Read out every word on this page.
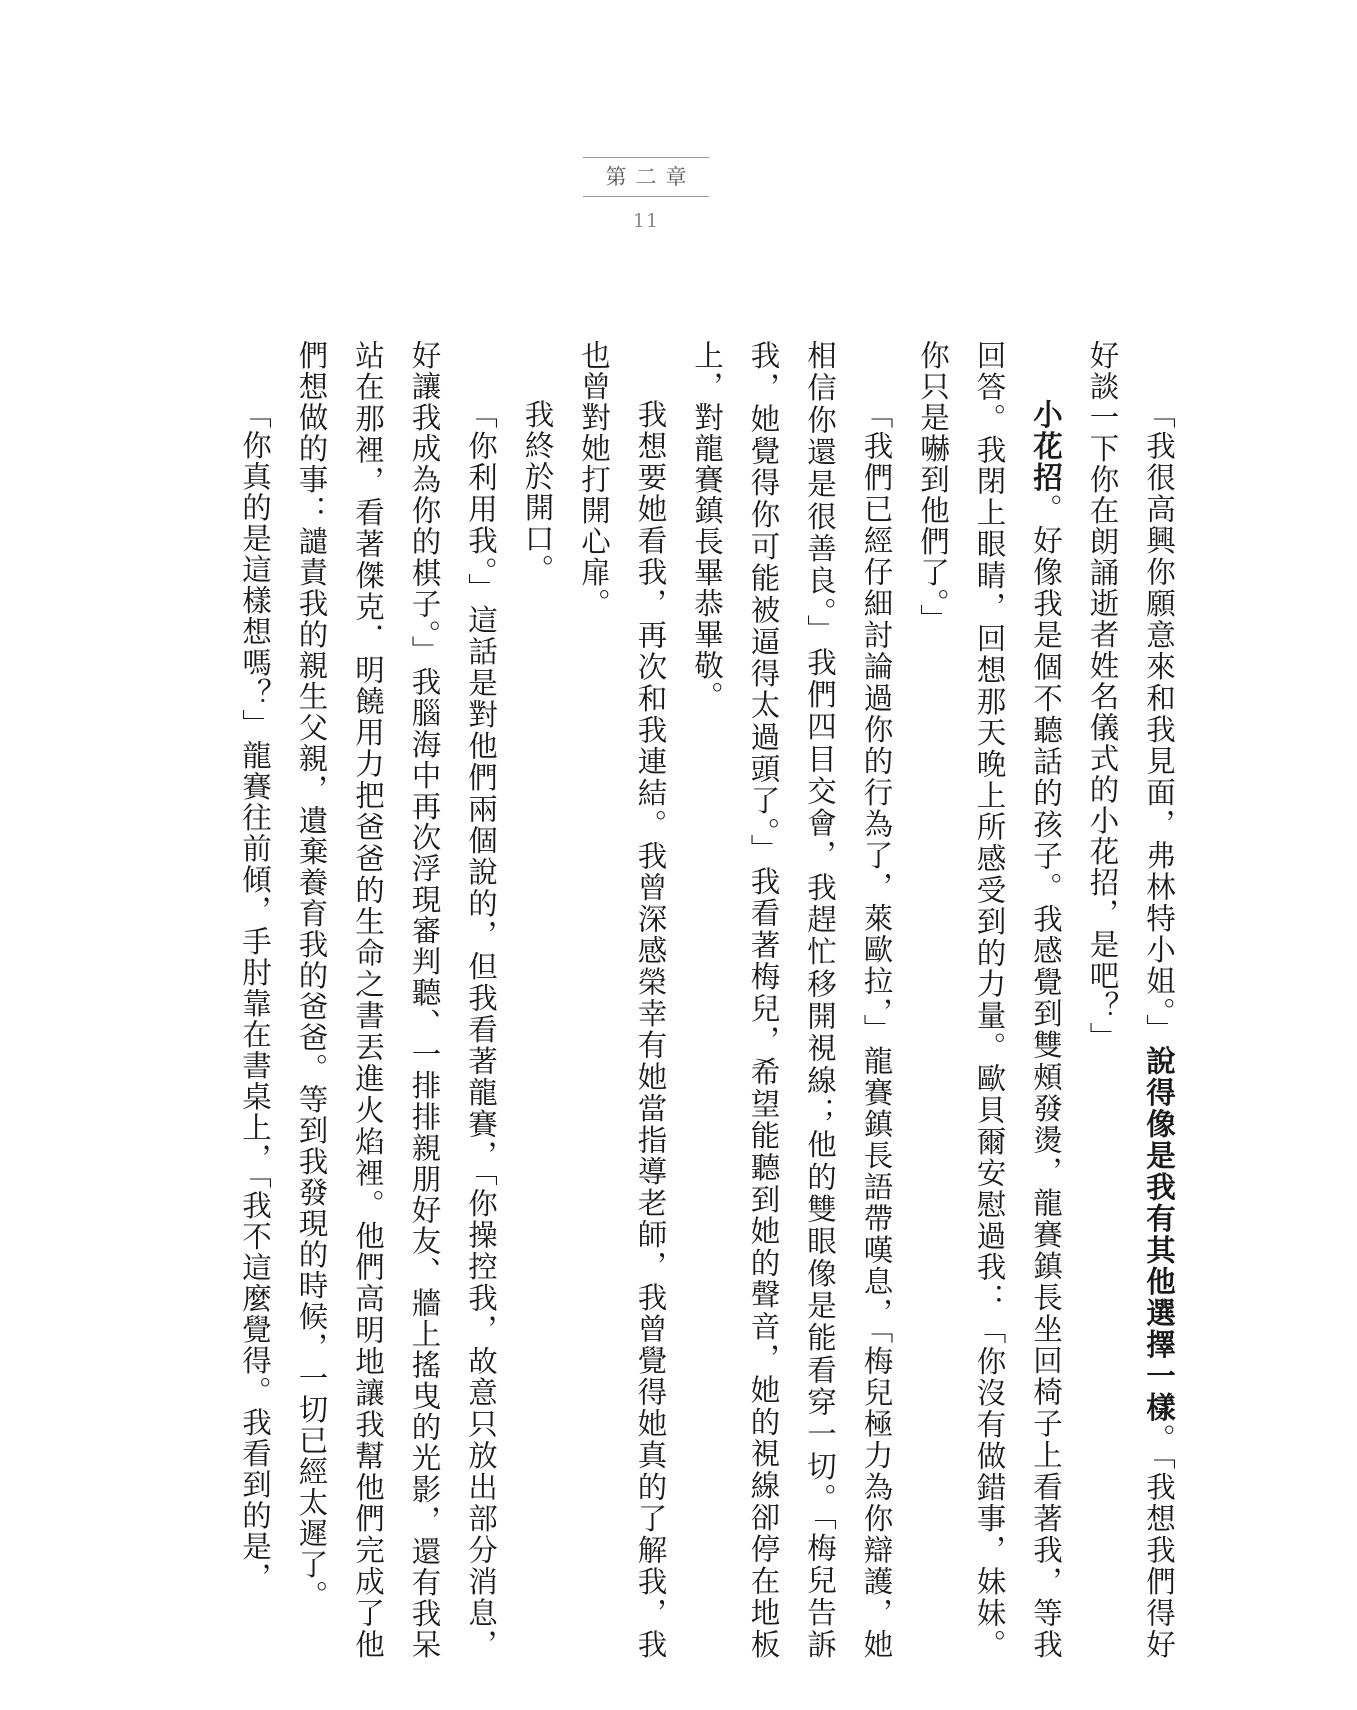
第二章
11

「我很高興你願意來和我見面，弗林特小姐。」說得像是我有其他選擇一樣。「我想我們得好好談一下你在朗誦逝者姓名儀式的小花招，是吧？」

小花招。好像我是個不聽話的孩子。我感覺到雙頰發燙，龍賽鎮長坐回椅子上看著我，等我回答。我閉上眼睛，回想那天晚上所感受到的力量。歐貝爾安慰過我：「你沒有做錯事，妹妹。你只是嚇到他們了。」

「我們已經仔細討論過你的行為了，萊歐拉，」龍賽鎮長語帶嘆息，「梅兒極力為你辯護，她相信你還是很善良。」我們四目交會，我趕忙移開視線；他的雙眼像是能看穿一切。「梅兒告訴我，她覺得你可能被逼得太過頭了。」我看著梅兒，希望能聽到她的聲音，她的視線卻停在地板上，對龍賽鎮長畢恭畢敬。

我想要她看我，再次和我連結。我曾深感榮幸有她當指導老師，我曾覺得她真的了解我，我也曾對她打開心扉。

我終於開口。

「你利用我。」這話是對他們兩個說的，但我看著龍賽，「你操控我，故意只放出部分消息，好讓我成為你的棋子。」我腦海中再次浮現審判聽、一排排親朋好友、牆上搖曳的光影，還有我呆站在那裡，看著傑克．明饒用力把爸爸的生命之書丟進火焰裡。他們高明地讓我幫他們完成了他們想做的事：譴責我的親生父親，遺棄養育我的爸爸。等到我發現的時候，一切已經太遲了。

「你真的是這樣想嗎？」龍賽往前傾，手肘靠在書桌上，「我不這麼覺得。我看到的是，
